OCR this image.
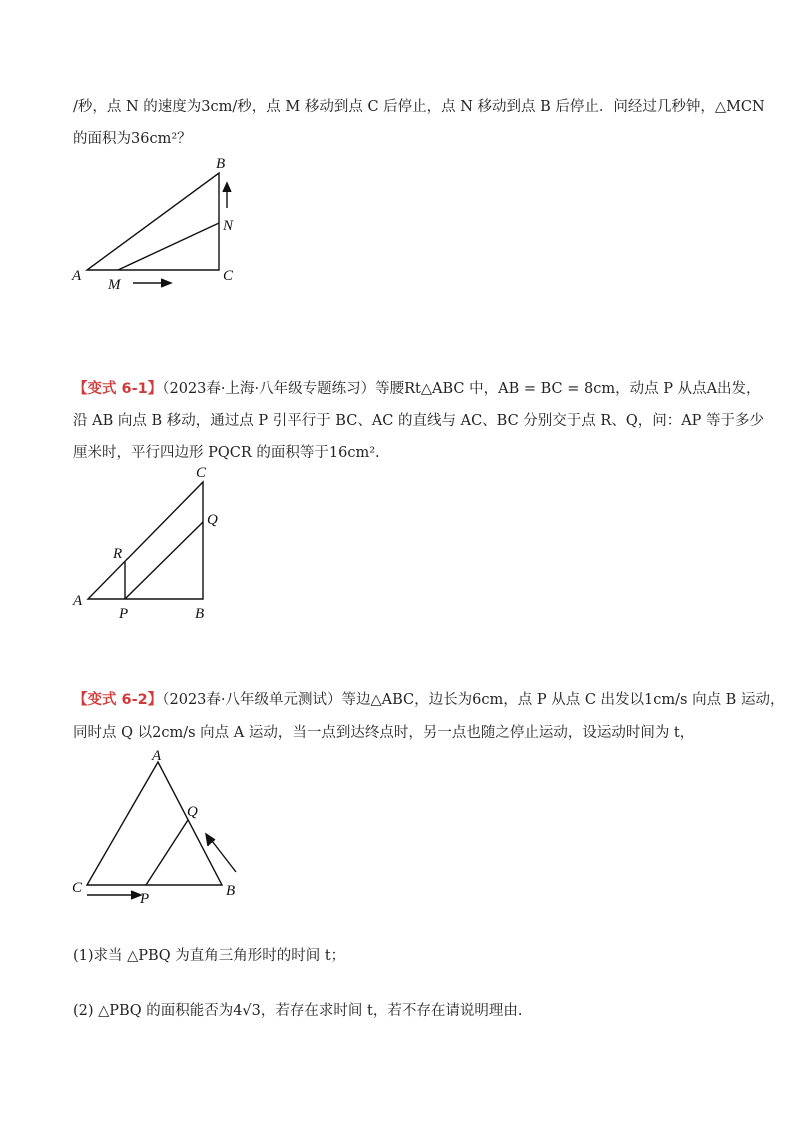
/秒，点 N 的速度为3cm/秒，点 M 移动到点 C 后停止，点 N 移动到点 B 后停止．问经过几秒钟，△MCN
的面积为36cm²？
B
N
A	C
M
【变式 6-1】（2023春·上海·八年级专题练习）等腰Rt△ABC 中，AB = BC = 8cm，动点 P 从点A出发，
沿 AB 向点 B 移动，通过点 P 引平行于 BC、AC 的直线与 AC、BC 分别交于点 R、Q，问：AP 等于多少
厘米时，平行四边形 PQCR 的面积等于16cm².
C
Q
R
A
P	B
【变式 6-2】（2023春·八年级单元测试）等边△ABC，边长为6cm，点 P 从点 C 出发以1cm/s 向点 B 运动，
同时点 Q 以2cm/s 向点 A 运动，当一点到达终点时，另一点也随之停止运动，设运动时间为 t，
A
Q
C
P	B
(1)求当 △PBQ 为直角三角形时的时间 t；
(2) △PBQ 的面积能否为4√3，若存在求时间 t，若不存在请说明理由.
